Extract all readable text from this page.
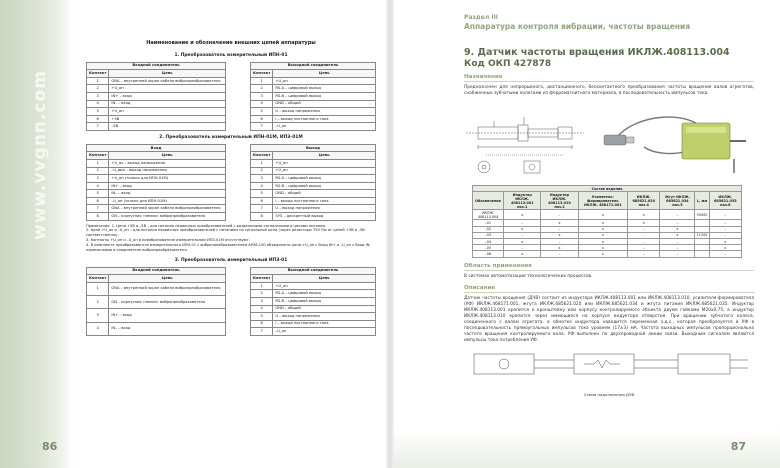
www.vvgnn.com
86
Наименование и обозначение внешних цепей аппаратуры
1. Преобразователь измерительный ИПН-01
Входной соединитель	
Контакт	Цепь
1	GNA – внутренний экран кабеля вибропреобразователя
2	+U_оп
3	IN+ – вход
4	IN– – вход
5	+U_оп
6	+5В
7	–5В
Выходной соединитель	
Контакт	Цепь
1	+U_оп
2	RS-A – цифровой выход
3	RS-B – цифровой выход
4	GND – общий
5	U – выход напряжения
6	I – выход постоянного тока
7	–U_оп
2. Преобразователь измерительный ИПН-01М, ИПЗ-01М
Вход	
Контакт	Цепь
1	+U_вх – выход напряжения
2	–U_вых – выход напряжения
3	+U_оп (только для ИПН-01М)
4	IN+ – вход
5	IN– – вход
6	–U_оп (только для ИПН-01М)
7	GNA – внутренний экран кабеля вибропреобразователя
8	GN – корпусная «земля» вибропреобразователя
Выход	
Контакт	Цепь
1	+U_оп
2	+U_оп
3	RS-A – цифровой выход
4	RS-B – цифровой выход
5	GND – общий
6	I – выход постоянного тока
7	U – выход напряжения
8	SYS – дискретный выход
Примечания. 1. Цепи +5В и –5В – для питания первичных преобразователей с раздельными сигнальными и цепями питания.
2. Цепи +U_оп и –U_оп – для питания первичных преобразователей с питанием по сигнальной цепи (через резисторы 750 Ом от цепей +5В и –5В соответственно).
3. Контакты +U_оп и –U_оп в преобразователе измерительном ИПЗ-01М отсутствуют.
4. В комплекте преобразователя измерительного ИПН-01 с вибропреобразователем АР36-100 объединены цепи +U_оп с Вход IN+ и –U_оп с Вход IN- перемычками в соединителе вибропреобразователя.
3. Преобразователь измерительный ИПЗ-01
Входной соединитель	
Контакт	Цепь
1	GNA – внутренний экран кабеля вибропреобразователя
2	GN – корпусная «земля» вибропреобразователя
3	IN+ – вход
4	IN– – вход
Выходной соединитель	
Контакт	Цепь
1	+U_оп
2	RS-A – цифровой выход
3	RS-B – цифровой выход
4	GND – общий
5	U – выход напряжения
6	I – выход постоянного тока
7	–U_оп
87
Раздел III
Аппаратура контроля вибрации, частоты вращения
9. Датчик частоты вращения ИКЛЖ.408113.004
Код ОКП 427878
Назначение
Предназначен для непрерывного, дистанционного, бесконтактного преобразования частоты вращения валов агрегатов, снабженных зубчатыми колесами из ферромагнитного материала, в последовательность импульсов тока.
Состав изделия							
Обозначение	Индуктор ИКЛЖ. 408113.001 поз.1	Индуктор ИКЛЖ. 408113.010 поз.2	Усилитель-формирователь ИКЛЖ. 468171.001	ИКЛЖ. 685621.020 поз.4	Жгут ИКЛЖ. 685621.034 поз.5	L, мм	ИКЛЖ. 685621.035 поз.6
ИКЛЖ. 408113.004	x	–	x	x	–	55000	–
–01	–	x	x	x	–		–
–02	x	–	x	–	x		–
–03	–	x	x	–	x	11200	–
–04	x	–	x	–	–		x
–05	–	x	x	–	–		x
–06	x	–	x	–	–		–
Область применения
В системах автоматизации технологических процессов.
Описание
Датчик частоты вращения (ДЧВ) состоит из индуктора ИКЛЖ.408113.001 или ИКЛЖ.408113.010, усилителя-формирователя (УФ) ИКЛЖ.468171.001, жгута ИКЛЖ.685621.020 или ИКЛЖ.685621.034 и жгута питания ИКЛЖ.685621.035. Индуктор ИКЛЖ.408113.001 крепится к кронштейну или корпусу контролируемого объекта двумя гайками М20х0,75, а индуктор ИКЛЖ.408113.010 крепится через имеющиеся на корпусе индуктора отверстия. При вращении зубчатого колеса, соединенного с валом агрегата, в обмотке индуктора наводится переменная э.д.с., которая преобразуется в УФ в последовательность прямоугольных импульсов тока уровнем (17±3) мА. Частота выходных импульсов пропорциональна частоте вращения контролируемого вала. УФ выполнен по двухпроводной линии связи. Выходным сигналом являются импульсы тока потребления УФ.
Схема подключения ДЧВ
